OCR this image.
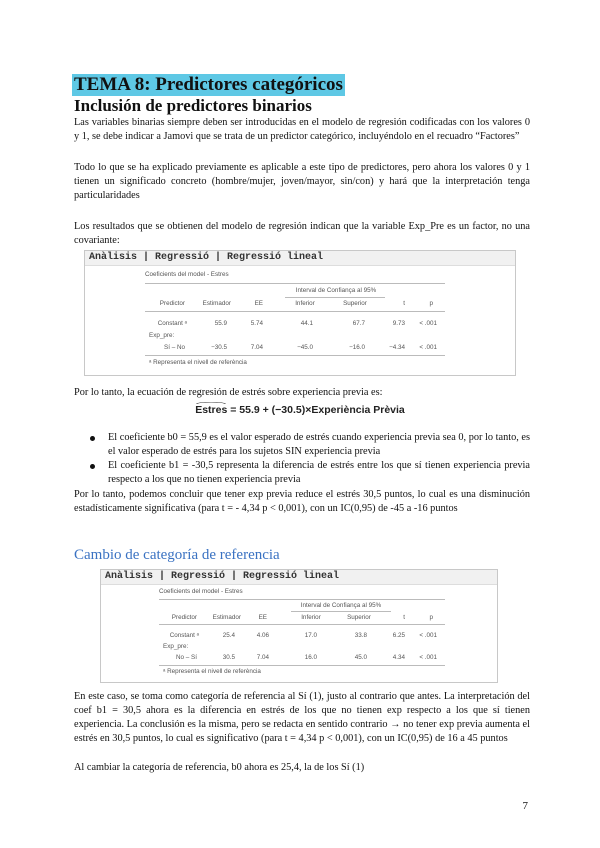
TEMA 8: Predictores categóricos
Inclusión de predictores binarios

Las variables binarias siempre deben ser introducidas en el modelo de regresión codificadas con los valores 0 y 1, se debe indicar a Jamovi que se trata de un predictor categórico, incluyéndolo en el recuadro “Factores”

Todo lo que se ha explicado previamente es aplicable a este tipo de predictores, pero ahora los valores 0 y 1 tienen un significado concreto (hombre/mujer, joven/mayor, sin/con) y hará que la interpretación tenga particularidades

Los resultados que se obtienen del modelo de regresión indican que la variable Exp_Pre es un factor, no una covariante:

Anàlisis | Regressió | Regressió lineal
Coeficients del model - Estres
Interval de Confiança al 95%
Predictor	Estimador	EE	Inferior	Superior	t	p
Constant ᵃ	55.9	5.74	44.1	67.7	9.73	< .001
Exp_pre:
Sí – No	−30.5	7.04	−45.0	−16.0	−4.34	< .001
ᵃ Representa el nivell de referència

Por lo tanto, la ecuación de regresión de estrés sobre experiencia previa es:

Estres = 55.9 + (−30.5)×Experiència Prèvia
El coeficiente b0 = 55,9 es el valor esperado de estrés cuando experiencia previa sea 0, por lo tanto, es el valor esperado de estrés para los sujetos SIN experiencia previa
El coeficiente b1 = -30,5 representa la diferencia de estrés entre los que sí tienen experiencia previa respecto a los que no tienen experiencia previa

Por lo tanto, podemos concluir que tener exp previa reduce el estrés 30,5 puntos, lo cual es una disminución estadísticamente significativa (para t = - 4,34 p < 0,001), con un IC(0,95) de -45 a -16 puntos

Cambio de categoría de referencia
Anàlisis | Regressió | Regressió lineal
Coeficients del model - Estres
Interval de Confiança al 95%
Predictor	Estimador	EE	Inferior	Superior	t	p
Constant ᵃ	25.4	4.06	17.0	33.8	6.25	< .001
Exp_pre:
No – Sí	30.5	7.04	16.0	45.0	4.34	< .001
ᵃ Representa el nivell de referència

En este caso, se toma como categoría de referencia al Sí (1), justo al contrario que antes. La interpretación del coef b1 = 30,5 ahora es la diferencia en estrés de los que no tienen exp respecto a los que sí tienen experiencia. La conclusión es la misma, pero se redacta en sentido contrario → no tener exp previa aumenta el estrés en 30,5 puntos, lo cual es significativo (para t = 4,34 p < 0,001), con un IC(0,95) de 16 a 45 puntos

Al cambiar la categoría de referencia, b0 ahora es 25,4, la de los Sí (1)

7
